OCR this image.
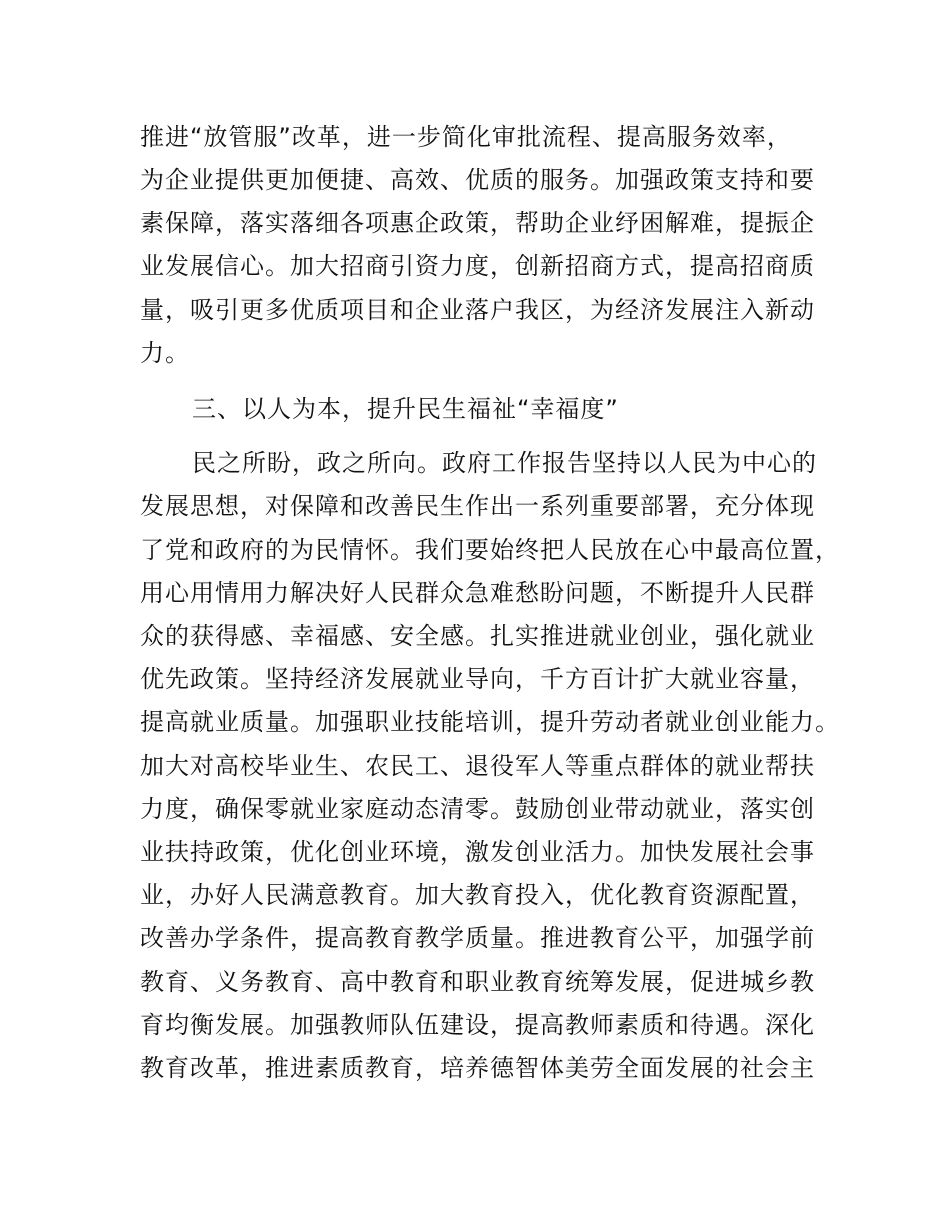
推进“放管服”改革，进一步简化审批流程、提高服务效率，
为企业提供更加便捷、高效、优质的服务。加强政策支持和要
素保障，落实落细各项惠企政策，帮助企业纾困解难，提振企
业发展信心。加大招商引资力度，创新招商方式，提高招商质
量，吸引更多优质项目和企业落户我区，为经济发展注入新动
力。
三、以人为本，提升民生福祉“幸福度”
民之所盼，政之所向。政府工作报告坚持以人民为中心的
发展思想，对保障和改善民生作出一系列重要部署，充分体现
了党和政府的为民情怀。我们要始终把人民放在心中最高位置，
用心用情用力解决好人民群众急难愁盼问题，不断提升人民群
众的获得感、幸福感、安全感。扎实推进就业创业，强化就业
优先政策。坚持经济发展就业导向，千方百计扩大就业容量，
提高就业质量。加强职业技能培训，提升劳动者就业创业能力。
加大对高校毕业生、农民工、退役军人等重点群体的就业帮扶
力度，确保零就业家庭动态清零。鼓励创业带动就业，落实创
业扶持政策，优化创业环境，激发创业活力。加快发展社会事
业，办好人民满意教育。加大教育投入，优化教育资源配置，
改善办学条件，提高教育教学质量。推进教育公平，加强学前
教育、义务教育、高中教育和职业教育统筹发展，促进城乡教
育均衡发展。加强教师队伍建设，提高教师素质和待遇。深化
教育改革，推进素质教育，培养德智体美劳全面发展的社会主
